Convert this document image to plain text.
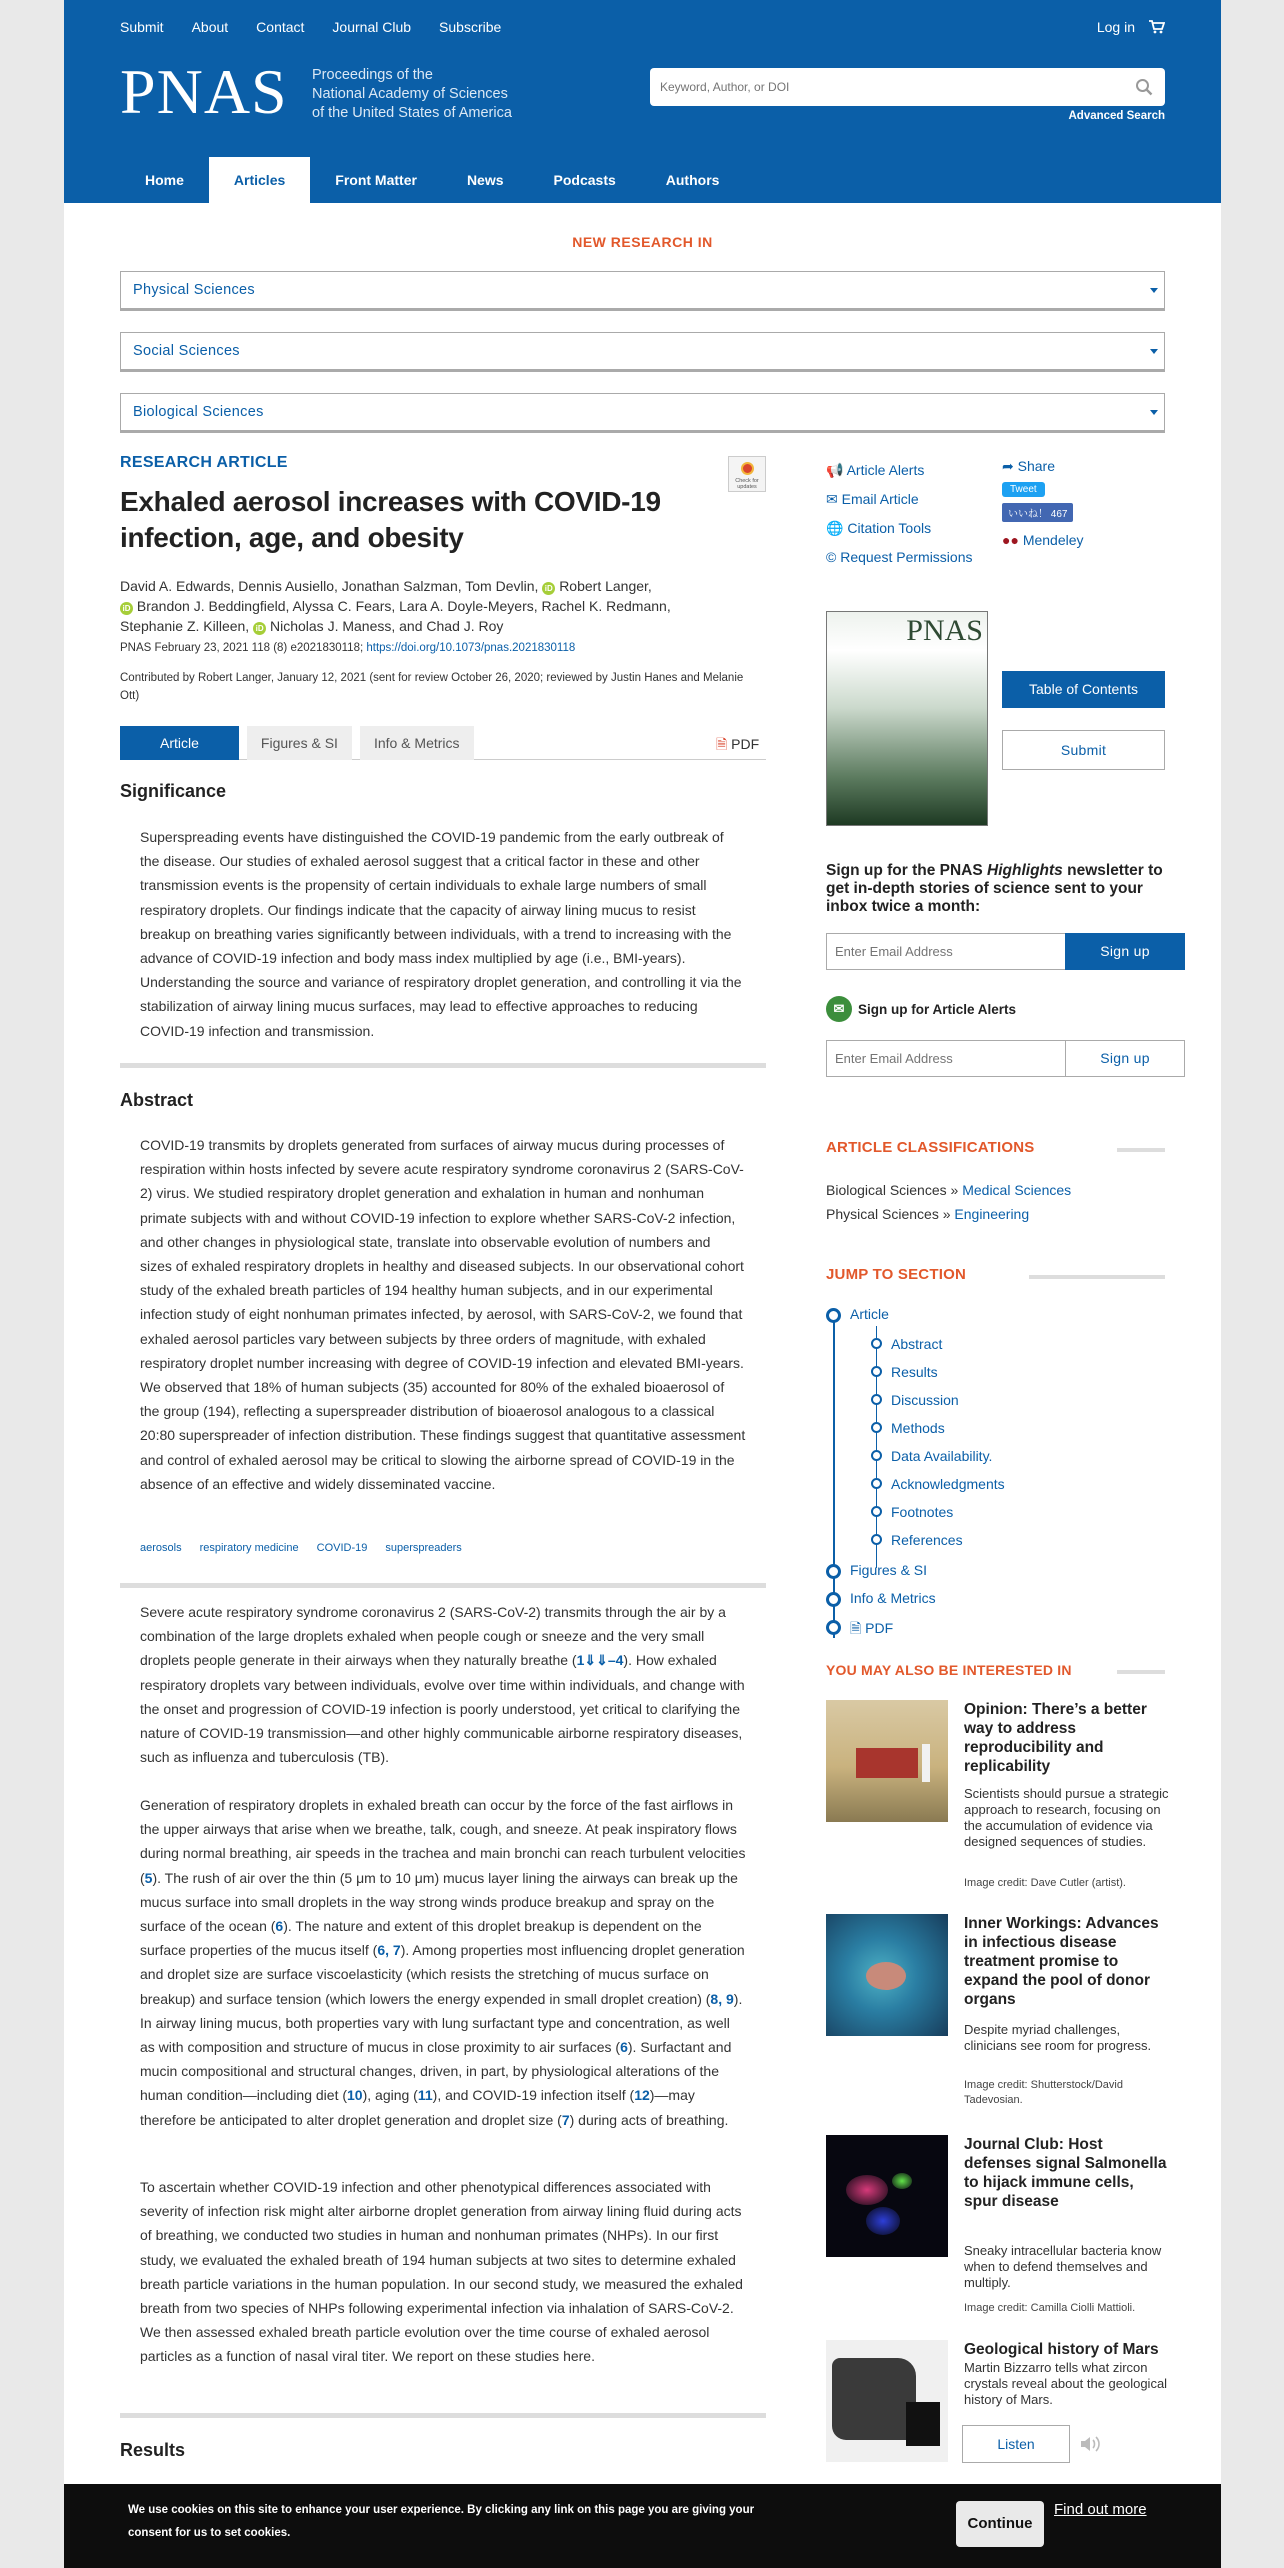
Submit About Contact Journal Club Subscribe	Log in
PNAS Proceedings of the
National Academy of Sciences
of the United States of America
Keyword, Author, or DOI	Advanced Search
Home	Articles	Front Matter	News	Podcasts	Authors
NEW RESEARCH IN
Physical Sciences
Social Sciences
Biological Sciences
RESEARCH ARTICLE
Check for updates
Exhaled aerosol increases with COVID-19 infection, age, and obesity
David A. Edwards, Dennis Ausiello, Jonathan Salzman, Tom Devlin, iD Robert Langer,
iD Brandon J. Beddingfield, Alyssa C. Fears, Lara A. Doyle-Meyers, Rachel K. Redmann,
Stephanie Z. Killeen, iD Nicholas J. Maness, and Chad J. Roy
PNAS February 23, 2021 118 (8) e2021830118; https://doi.org/10.1073/pnas.2021830118
Contributed by Robert Langer, January 12, 2021 (sent for review October 26, 2020; reviewed by Justin Hanes and Melanie Ott)
Article	Figures & SI	Info & Metrics	🗎 PDF
Significance

Superspreading events have distinguished the COVID-19 pandemic from the early outbreak of the disease. Our studies of exhaled aerosol suggest that a critical factor in these and other transmission events is the propensity of certain individuals to exhale large numbers of small respiratory droplets. Our findings indicate that the capacity of airway lining mucus to resist breakup on breathing varies significantly between individuals, with a trend to increasing with the advance of COVID-19 infection and body mass index multiplied by age (i.e., BMI-years). Understanding the source and variance of respiratory droplet generation, and controlling it via the stabilization of airway lining mucus surfaces, may lead to effective approaches to reducing COVID-19 infection and transmission.

Abstract

COVID-19 transmits by droplets generated from surfaces of airway mucus during processes of respiration within hosts infected by severe acute respiratory syndrome coronavirus 2 (SARS-CoV-2) virus. We studied respiratory droplet generation and exhalation in human and nonhuman primate subjects with and without COVID-19 infection to explore whether SARS-CoV-2 infection, and other changes in physiological state, translate into observable evolution of numbers and sizes of exhaled respiratory droplets in healthy and diseased subjects. In our observational cohort study of the exhaled breath particles of 194 healthy human subjects, and in our experimental infection study of eight nonhuman primates infected, by aerosol, with SARS-CoV-2, we found that exhaled aerosol particles vary between subjects by three orders of magnitude, with exhaled respiratory droplet number increasing with degree of COVID-19 infection and elevated BMI-years. We observed that 18% of human subjects (35) accounted for 80% of the exhaled bioaerosol of the group (194), reflecting a superspreader distribution of bioaerosol analogous to a classical 20:80 superspreader of infection distribution. These findings suggest that quantitative assessment and control of exhaled aerosol may be critical to slowing the airborne spread of COVID-19 in the absence of an effective and widely disseminated vaccine.

aerosols respiratory medicine COVID-19 superspreaders

Severe acute respiratory syndrome coronavirus 2 (SARS-CoV-2) transmits through the air by a combination of the large droplets exhaled when people cough or sneeze and the very small droplets people generate in their airways when they naturally breathe (1⇓⇓–4). How exhaled respiratory droplets vary between individuals, evolve over time within individuals, and change with the onset and progression of COVID-19 infection is poorly understood, yet critical to clarifying the nature of COVID-19 transmission—and other highly communicable airborne respiratory diseases, such as influenza and tuberculosis (TB).

Generation of respiratory droplets in exhaled breath can occur by the force of the fast airflows in the upper airways that arise when we breathe, talk, cough, and sneeze. At peak inspiratory flows during normal breathing, air speeds in the trachea and main bronchi can reach turbulent velocities (5). The rush of air over the thin (5 μm to 10 μm) mucus layer lining the airways can break up the mucus surface into small droplets in the way strong winds produce breakup and spray on the surface of the ocean (6). The nature and extent of this droplet breakup is dependent on the surface properties of the mucus itself (6, 7). Among properties most influencing droplet generation and droplet size are surface viscoelasticity (which resists the stretching of mucus surface on breakup) and surface tension (which lowers the energy expended in small droplet creation) (8, 9). In airway lining mucus, both properties vary with lung surfactant type and concentration, as well as with composition and structure of mucus in close proximity to air surfaces (6). Surfactant and mucin compositional and structural changes, driven, in part, by physiological alterations of the human condition—including diet (10), aging (11), and COVID-19 infection itself (12)—may therefore be anticipated to alter droplet generation and droplet size (7) during acts of breathing.

To ascertain whether COVID-19 infection and other phenotypical differences associated with severity of infection risk might alter airborne droplet generation from airway lining fluid during acts of breathing, we conducted two studies in human and nonhuman primates (NHPs). In our first study, we evaluated the exhaled breath of 194 human subjects at two sites to determine exhaled breath particle variations in the human population. In our second study, we measured the exhaled breath from two species of NHPs following experimental infection via inhalation of SARS-CoV-2. We then assessed exhaled breath particle evolution over the time course of exhaled aerosol particles as a function of nasal viral titer. We report on these studies here.

Results
📢 Article Alerts
✉ Email Article
🌐 Citation Tools
© Request Permissions
➦ Share
Tweet
いいね！ 467
●● Mendeley
PNAS
Table of Contents
Submit
Sign up for the PNAS Highlights newsletter to get in-depth stories of science sent to your inbox twice a month:
Enter Email Address
Sign up
✉	Sign up for Article Alerts
Enter Email Address
Sign up
ARTICLE CLASSIFICATIONS
Biological Sciences » Medical Sciences
Physical Sciences » Engineering
JUMP TO SECTION
Article
Abstract
Results
Discussion
Methods
Data Availability.
Acknowledgments
Footnotes
References
Figures & SI
Info & Metrics
🗎 PDF
YOU MAY ALSO BE INTERESTED IN
Opinion: There’s a better way to address reproducibility and replicability
Scientists should pursue a strategic approach to research, focusing on the accumulation of evidence via designed sequences of studies.
Image credit: Dave Cutler (artist).
Inner Workings: Advances in infectious disease treatment promise to expand the pool of donor organs
Despite myriad challenges, clinicians see room for progress.
Image credit: Shutterstock/David Tadevosian.
Journal Club: Host defenses signal Salmonella to hijack immune cells, spur disease
Sneaky intracellular bacteria know when to defend themselves and multiply.
Image credit: Camilla Ciolli Mattioli.
Geological history of Mars
Martin Bizzarro tells what zircon crystals reveal about the geological history of Mars.
Listen
We use cookies on this site to enhance your user experience. By clicking any link on this page you are giving your consent for us to set cookies.
Continue
Find out more
